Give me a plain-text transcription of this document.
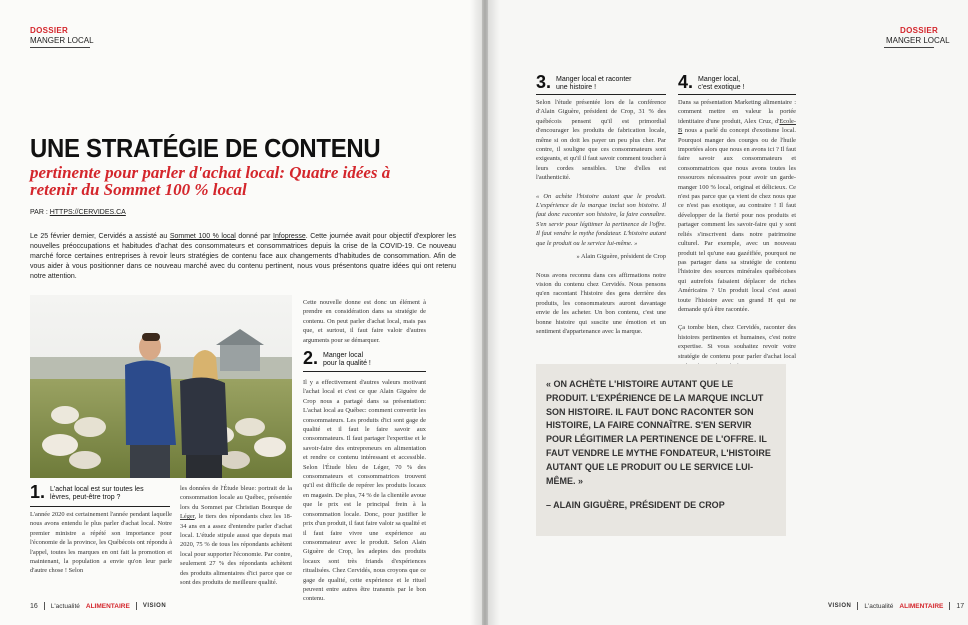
DOSSIER
MANGER LOCAL
UNE STRATÉGIE DE CONTENU
pertinente pour parler d'achat local: Quatre idées à retenir du Sommet 100 % local
PAR : HTTPS://CERVIDES.CA
Le 25 février dernier, Cervidés a assisté au Sommet 100 % local donné par Infopresse. Cette journée avait pour objectif d'explorer les nouvelles préoccupations et habitudes d'achat des consommateurs et consommatrices depuis la crise de la COVID-19. Ce nouveau marché force certaines entreprises à revoir leurs stratégies de contenu face aux changements d'habitudes de consommation. Afin de vous aider à vous positionner dans ce nouveau marché avec du contenu pertinent, nous vous présentons quatre idées qui ont retenu notre attention.
1. L'achat local est sur toutes les
lèvres, peut-être trop ?
L'année 2020 est certainement l'année pendant laquelle nous avons entendu le plus parler d'achat local. Notre premier ministre a répété son importance pour l'économie de la province, les Québécois ont répondu à l'appel, toutes les marques en ont fait la promotion et maintenant, la population a envie qu'on leur parle d'autre chose ! Selon
les données de l'Étude bleue: portrait de la consommation locale au Québec, présentée lors du Sommet par Christian Bourque de Léger, le tiers des répondants chez les 18-34 ans en a assez d'entendre parler d'achat local. L'étude stipule aussi que depuis mai 2020, 75 % de tous les répondants achètent local pour supporter l'économie. Par contre, seulement 27 % des répondants achètent des produits alimentaires d'ici parce que ce sont des produits de meilleure qualité.
Cette nouvelle donne est donc un élément à prendre en considération dans sa stratégie de contenu. On peut parler d'achat local, mais pas que, et surtout, il faut faire valoir d'autres arguments pour se démarquer.
2. Manger local
pour la qualité !
Il y a effectivement d'autres valeurs motivant l'achat local et c'est ce que Alain Giguère de Crop nous a partagé dans sa présentation: L'achat local au Québec: comment convertir les consommateurs. Les produits d'ici sont gage de qualité et il faut le faire savoir aux consommateurs. Il faut partager l'expertise et le savoir-faire des entrepreneurs en alimentation et rendre ce contenu intéressant et accessible. Selon l'Étude bleu de Léger, 70 % des consommateurs et consommatrices trouvent qu'il est difficile de repérer les produits locaux en magasin. De plus, 74 % de la clientèle avoue que le prix est le principal frein à la consommation locale. Donc, pour justifier le prix d'un produit, il faut faire valoir sa qualité et il faut faire vivre une expérience au consommateur avec le produit. Selon Alain Giguère de Crop, les adeptes des produits locaux sont très friands d'expériences ritualisées. Chez Cervidés, nous croyons que ce gage de qualité, cette expérience et le rituel peuvent entre autres être transmis par le bon contenu.
16 L'actualité ALIMENTAIRE VISION
DOSSIER
MANGER LOCAL
3. Manger local et raconter
une histoire !

Selon l'étude présentée lors de la conférence d'Alain Giguère, président de Crop, 31 % des québécois pensent qu'il est primordial d'encourager les produits de fabrication locale, même si on doit les payer un peu plus cher. Par contre, il souligne que ces consommateurs sont exigeants, et qu'il il faut savoir comment toucher à leurs cordes sensibles. Une d'elles est l'authenticité.

« On achète l'histoire autant que le produit. L'expérience de la marque inclut son histoire. Il faut donc raconter son histoire, la faire connaître. S'en servir pour légitimer la pertinence de l'offre. Il faut vendre le mythe fondateur. L'histoire autant que le produit ou le service lui-même. »

» Alain Giguère, président de Crop

Nous avons reconnu dans ces affirmations notre vision du contenu chez Cervidés. Nous pensons qu'en racontant l'histoire des gens derrière des produits, les consommateurs auront davantage envie de les acheter. Un bon contenu, c'est une bonne histoire qui suscite une émotion et un sentiment d'appartenance avec la marque.

4. Manger local,
c'est exotique !

Dans sa présentation Marketing alimentaire : comment mettre en valeur la portée identitaire d'une produit, Alex Cruz, d'Ecole-B nous a parlé du concept d'exotisme local. Pourquoi manger des courges ou de l'huile importées alors que nous en avons ici ? Il faut faire savoir aux consommateurs et consommatrices que nous avons toutes les ressources nécessaires pour avoir un garde-manger 100 % local, original et délicieux. Ce n'est pas parce que ça vient de chez nous que ce n'est pas exotique, au contraire ! Il faut développer de la fierté pour nos produits et partager comment les savoir-faire qui y sont reliés s'inscrivent dans notre patrimoine culturel. Par exemple, avec un nouveau produit tel qu'une eau gazéifiée, pourquoi ne pas partager dans sa stratégie de contenu l'histoire des sources minérales québécoises qui autrefois faisaient déplacer de riches Américains ? Un produit local c'est aussi toute l'histoire avec un grand H qui ne demande qu'à être racontée.

Ça tombe bien, chez Cervidés, raconter des histoires pertinentes et humaines, c'est notre expertise. Si vous souhaitez revoir votre stratégie de contenu pour parler d'achat local

VISION L'actualité ALIMENTAIRE 17
« ON ACHÈTE L'HISTOIRE AUTANT QUE LE PRODUIT. L'EXPÉRIENCE DE LA MARQUE INCLUT SON HISTOIRE. IL FAUT DONC RACONTER SON HISTOIRE, LA FAIRE CONNAÎTRE. S'EN SERVIR POUR LÉGITIMER LA PERTINENCE DE L'OFFRE. IL FAUT VENDRE LE MYTHE FONDATEUR, L'HISTOIRE AUTANT QUE LE PRODUIT OU LE SERVICE LUI-MÊME. »
– ALAIN GIGUÈRE, PRÉSIDENT DE CROP
